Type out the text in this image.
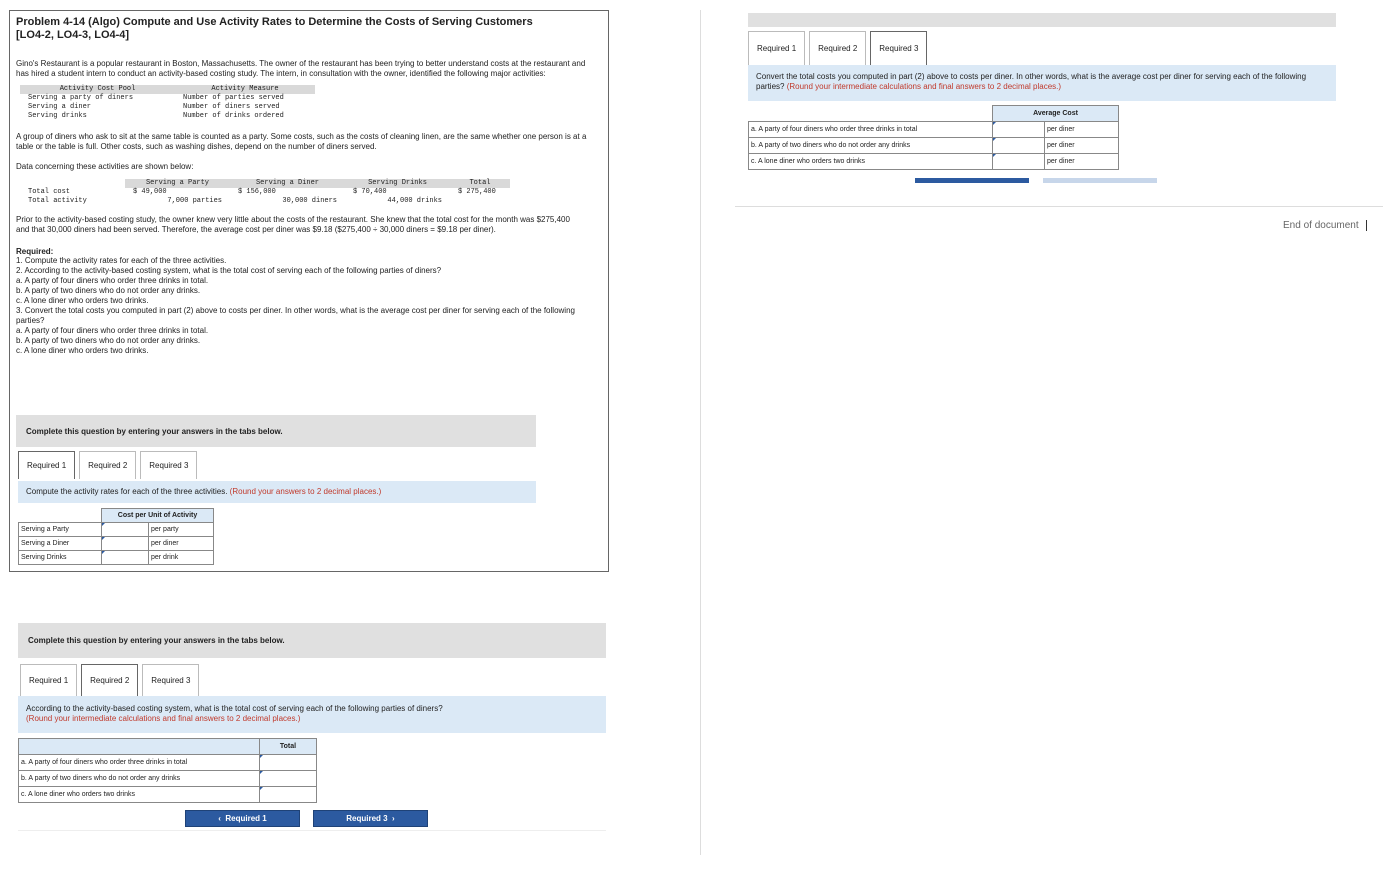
Problem 4-14 (Algo) Compute and Use Activity Rates to Determine the Costs of Serving Customers
[LO4-2, LO4-3, LO4-4]

Gino's Restaurant is a popular restaurant in Boston, Massachusetts. The owner of the restaurant has been trying to better understand costs at the restaurant and has hired a student intern to conduct an activity-based costing study. The intern, in consultation with the owner, identified the following major activities:

Activity Cost Pool	Activity Measure
Serving a party of diners	Number of parties served
Serving a diner	Number of diners served
Serving drinks	Number of drinks ordered

A group of diners who ask to sit at the same table is counted as a party. Some costs, such as the costs of cleaning linen, are the same whether one person is at a table or the table is full. Other costs, such as washing dishes, depend on the number of diners served.

Data concerning these activities are shown below:

	Serving a Party	Serving a Diner	Serving Drinks	Total
Total cost	$ 49,000	$ 156,000	$ 70,400	$ 275,400
Total activity	7,000 parties	30,000 diners	44,000 drinks	

Prior to the activity-based costing study, the owner knew very little about the costs of the restaurant. She knew that the total cost for the month was $275,400 and that 30,000 diners had been served. Therefore, the average cost per diner was $9.18 ($275,400 ÷ 30,000 diners = $9.18 per diner).

Required:

1. Compute the activity rates for each of the three activities.

2. According to the activity-based costing system, what is the total cost of serving each of the following parties of diners?

a. A party of four diners who order three drinks in total.

b. A party of two diners who do not order any drinks.

c. A lone diner who orders two drinks.

3. Convert the total costs you computed in part (2) above to costs per diner. In other words, what is the average cost per diner for serving each of the following parties?

a. A party of four diners who order three drinks in total.

b. A party of two diners who do not order any drinks.

c. A lone diner who orders two drinks.

Complete this question by entering your answers in the tabs below.
Required 1	Required 2	Required 3
Compute the activity rates for each of the three activities.
(Round your answers to 2 decimal places.)
	Cost per Unit of Activity	
Serving a Party		per party
Serving a Diner		per diner
Serving Drinks		per drink
Complete this question by entering your answers in the tabs below.
Required 1	Required 2	Required 3
According to the activity-based costing system, what is the total cost of serving each of the following parties of diners?
(Round your intermediate calculations and final answers to 2 decimal places.)
	Total
a. A party of four diners who order three drinks in total	
b. A party of two diners who do not order any drinks	
c. A lone diner who orders two drinks	
‹ Required 1	Required 3 ›
Required 1	Required 2	Required 3
Convert the total costs you computed in part (2) above to costs per diner. In other words, what is the average cost per diner for serving each of the following parties? (Round your intermediate calculations and final answers to 2 decimal places.)
	Average Cost	
a. A party of four diners who order three drinks in total		per diner
b. A party of two diners who do not order any drinks		per diner
c. A lone diner who orders two drinks		per diner
End of document
